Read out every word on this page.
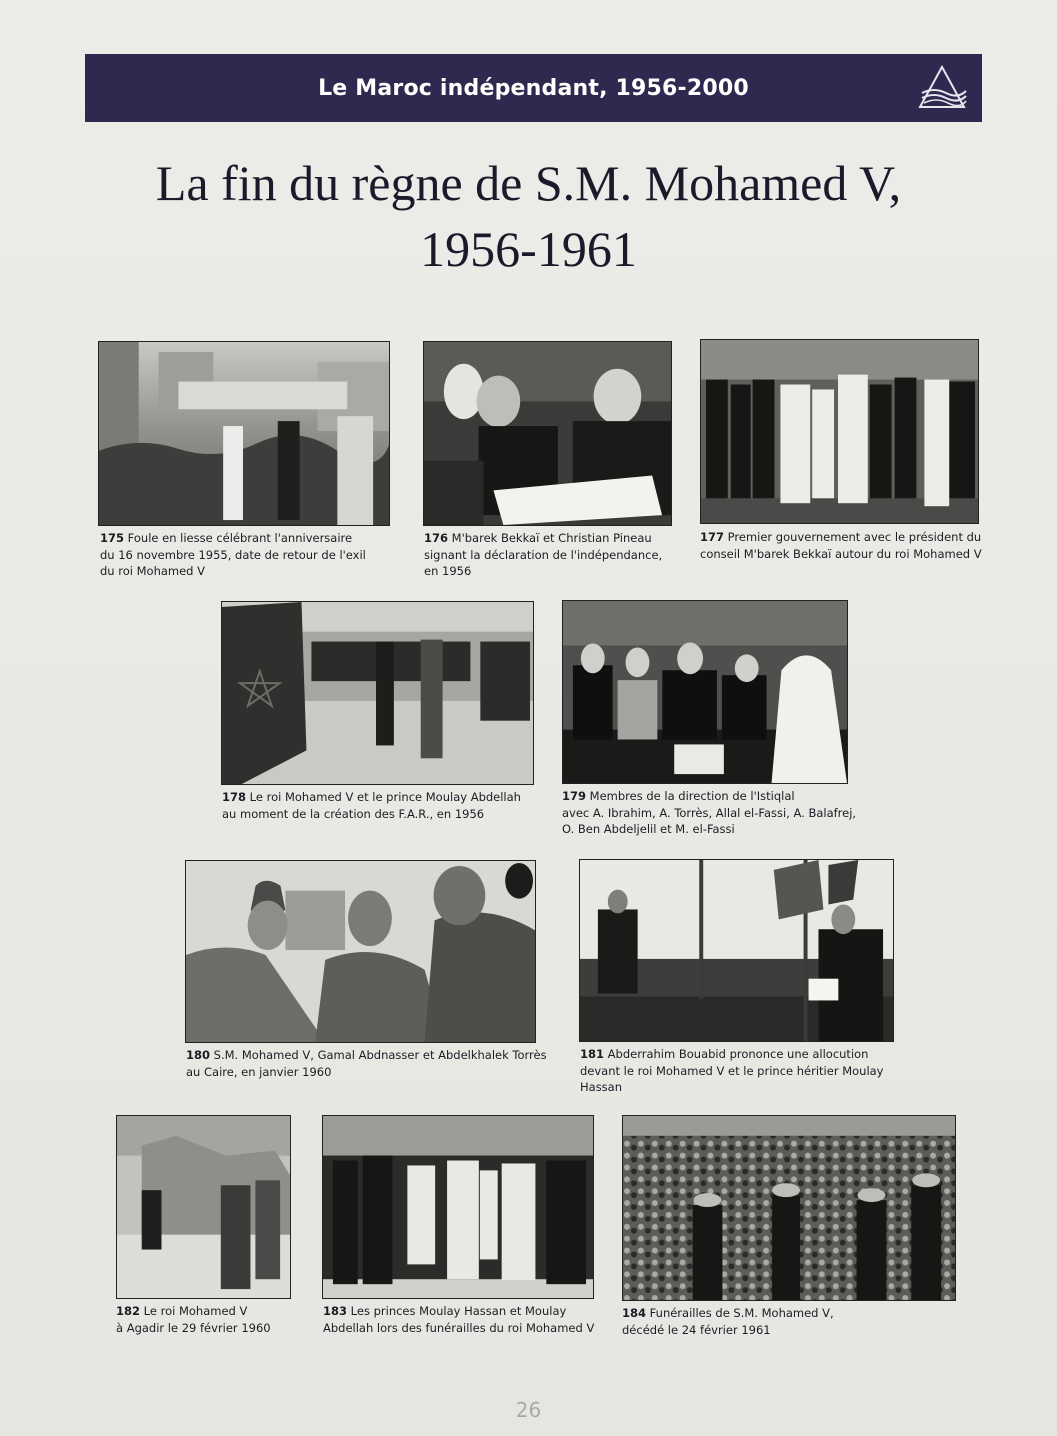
Le Maroc indépendant, 1956-2000
La fin du règne de S.M. Mohamed V,
1956-1961
175 Foule en liesse célébrant l'anniversaire
du 16 novembre 1955, date de retour de l'exil
du roi Mohamed V
176 M'barek Bekkaï et Christian Pineau
signant la déclaration de l'indépendance,
en 1956
177 Premier gouvernement avec le président du
conseil M'barek Bekkaï autour du roi Mohamed V
178 Le roi Mohamed V et le prince Moulay Abdellah
au moment de la création des F.A.R., en 1956
179 Membres de la direction de l'Istiqlal
avec A. Ibrahim, A. Torrès, Allal el-Fassi, A. Balafrej,
O. Ben Abdeljelil et M. el-Fassi
180 S.M. Mohamed V, Gamal Abdnasser et Abdelkhalek Torrès
au Caire, en janvier 1960
181 Abderrahim Bouabid prononce une allocution
devant le roi Mohamed V et le prince héritier Moulay
Hassan
182 Le roi Mohamed V
à Agadir le 29 février 1960
183 Les princes Moulay Hassan et Moulay
Abdellah lors des funérailles du roi Mohamed V
184 Funérailles de S.M. Mohamed V,
décédé le 24 février 1961
26
